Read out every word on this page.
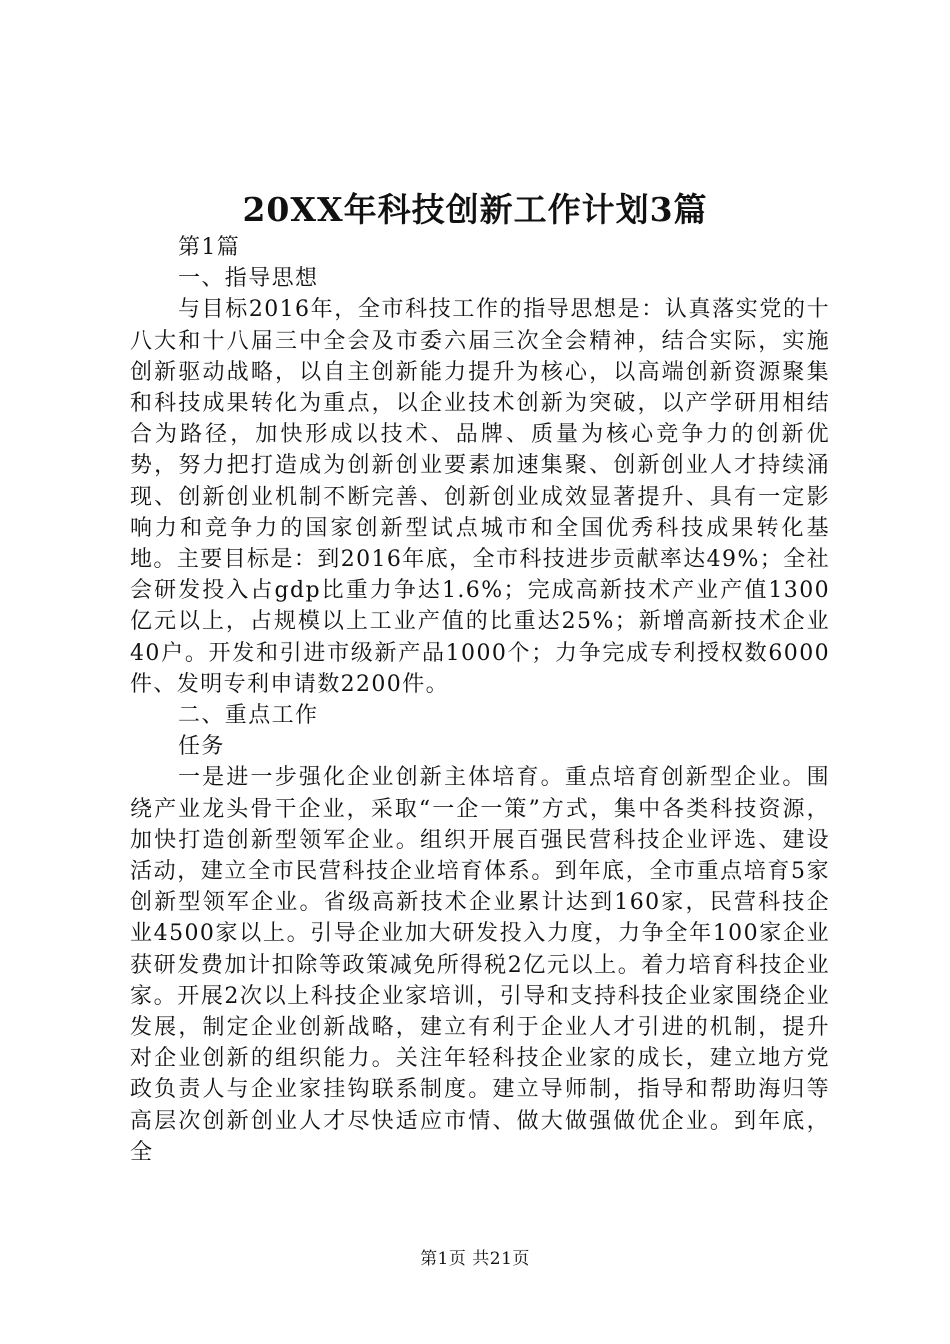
20XX年科技创新工作计划3篇

第1篇

一、指导思想

与目标2016年，全市科技工作的指导思想是：认真落实党的十八大和十八届三中全会及市委六届三次全会精神，结合实际，实施创新驱动战略，以自主创新能力提升为核心，以高端创新资源聚集和科技成果转化为重点，以企业技术创新为突破，以产学研用相结合为路径，加快形成以技术、品牌、质量为核心竞争力的创新优势，努力把打造成为创新创业要素加速集聚、创新创业人才持续涌现、创新创业机制不断完善、创新创业成效显著提升、具有一定影响力和竞争力的国家创新型试点城市和全国优秀科技成果转化基地。主要目标是：到2016年底，全市科技进步贡献率达49%；全社会研发投入占gdp比重力争达1.6%；完成高新技术产业产值1300亿元以上，占规模以上工业产值的比重达25%；新增高新技术企业40户。开发和引进市级新产品1000个；力争完成专利授权数6000件、发明专利申请数2200件。

二、重点工作

任务

一是进一步强化企业创新主体培育。重点培育创新型企业。围绕产业龙头骨干企业，采取“一企一策”方式，集中各类科技资源，加快打造创新型领军企业。组织开展百强民营科技企业评选、建设活动，建立全市民营科技企业培育体系。到年底，全市重点培育5家创新型领军企业。省级高新技术企业累计达到160家，民营科技企业4500家以上。引导企业加大研发投入力度，力争全年100家企业获研发费加计扣除等政策减免所得税2亿元以上。着力培育科技企业家。开展2次以上科技企业家培训，引导和支持科技企业家围绕企业发展，制定企业创新战略，建立有利于企业人才引进的机制，提升对企业创新的组织能力。关注年轻科技企业家的成长，建立地方党政负责人与企业家挂钩联系制度。建立导师制，指导和帮助海归等高层次创新创业人才尽快适应市情、做大做强做优企业。到年底，全

第1页 共21页
